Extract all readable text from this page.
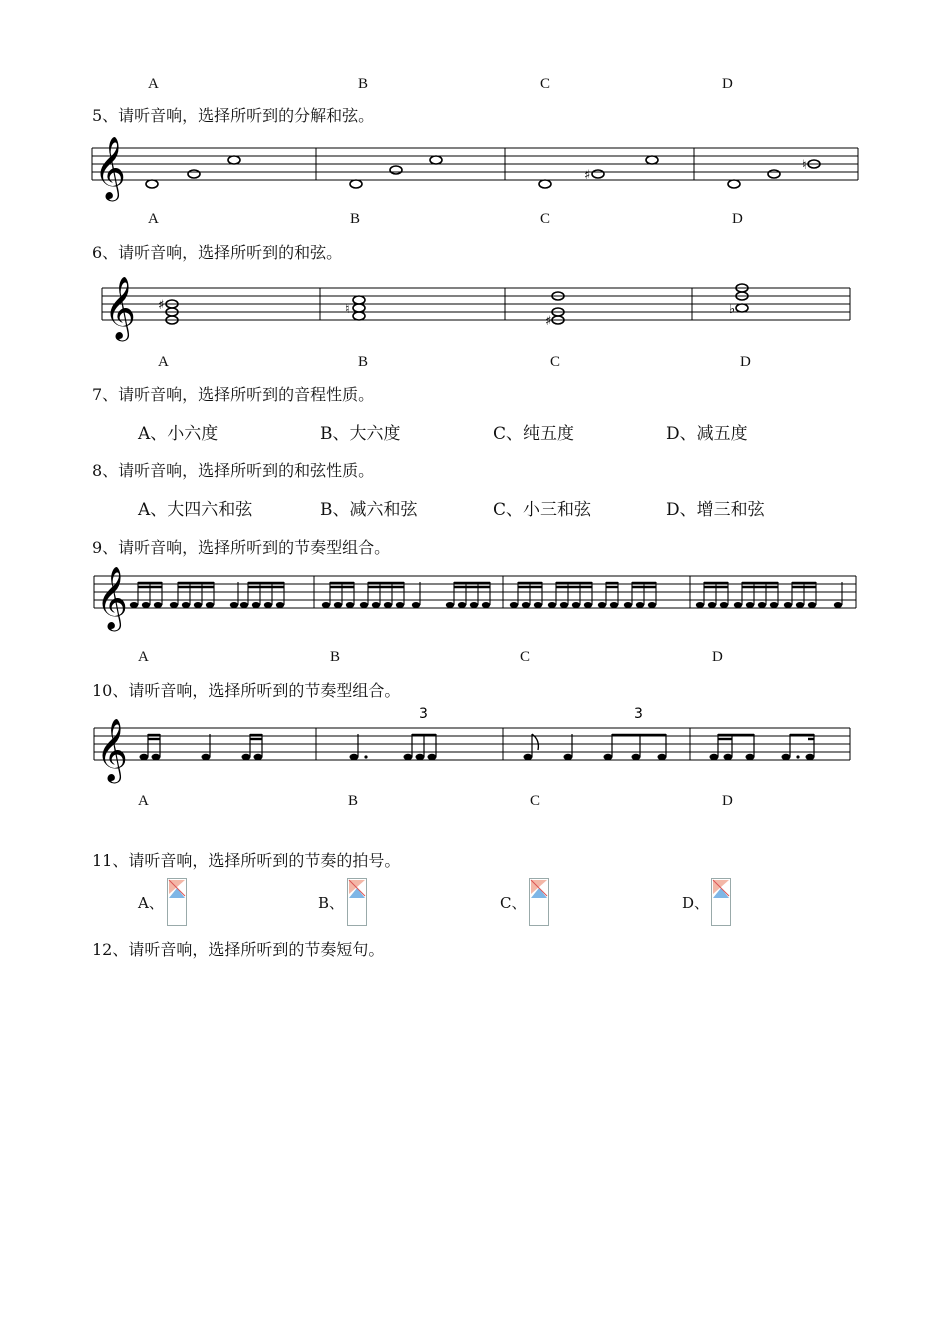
A	B	C	D
5、请听音响，选择所听到的分解和弦。
𝄞	♯
♮
A	B	C	D
6、请听音响，选择所听到的和弦。
𝄞 ♯	♮
♯
♭
A	B	C	D
7、请听音响，选择所听到的音程性质。
A、小六度	B、大六度	C、纯五度	D、减五度
8、请听音响，选择所听到的和弦性质。
A、大四六和弦	B、减六和弦	C、小三和弦	D、增三和弦
9、请听音响，选择所听到的节奏型组合。
𝄞
A	B	C	D
10、请听音响，选择所听到的节奏型组合。
𝄞
3	3
A	B	C	D
11、请听音响，选择所听到的节奏的拍号。
A、	B、	C、	D、
12、请听音响，选择所听到的节奏短句。
